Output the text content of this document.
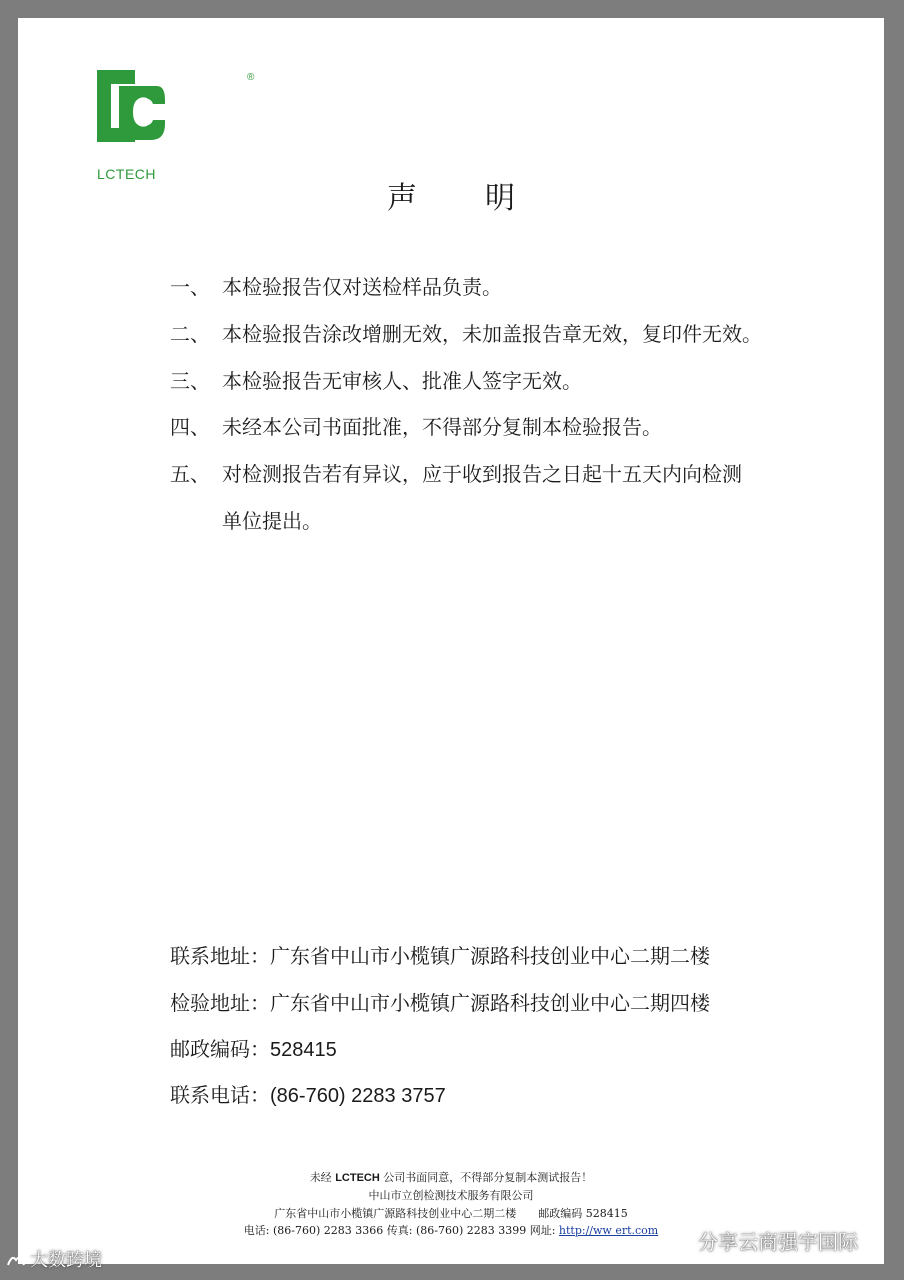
®
LCTECH
声 明
一、 本检验报告仅对送检样品负责。
二、 本检验报告涂改增删无效，未加盖报告章无效，复印件无效。
三、 本检验报告无审核人、批准人签字无效。
四、 未经本公司书面批准，不得部分复制本检验报告。
五、 对检测报告若有异议，应于收到报告之日起十五天内向检测
单位提出。
联系地址：广东省中山市小榄镇广源路科技创业中心二期二楼
检验地址：广东省中山市小榄镇广源路科技创业中心二期四楼
邮政编码：528415
联系电话：(86-760) 2283 3757
未经 LCTECH 公司书面同意，不得部分复制本测试报告！
中山市立创检测技术服务有限公司
广东省中山市小榄镇广源路科技创业中心二期二楼　　邮政编码 528415
电话: (86-760) 2283 3366 传真: (86-760) 2283 3399 网址: http://ww ert.com
大数跨境
分享云商强宇国际
